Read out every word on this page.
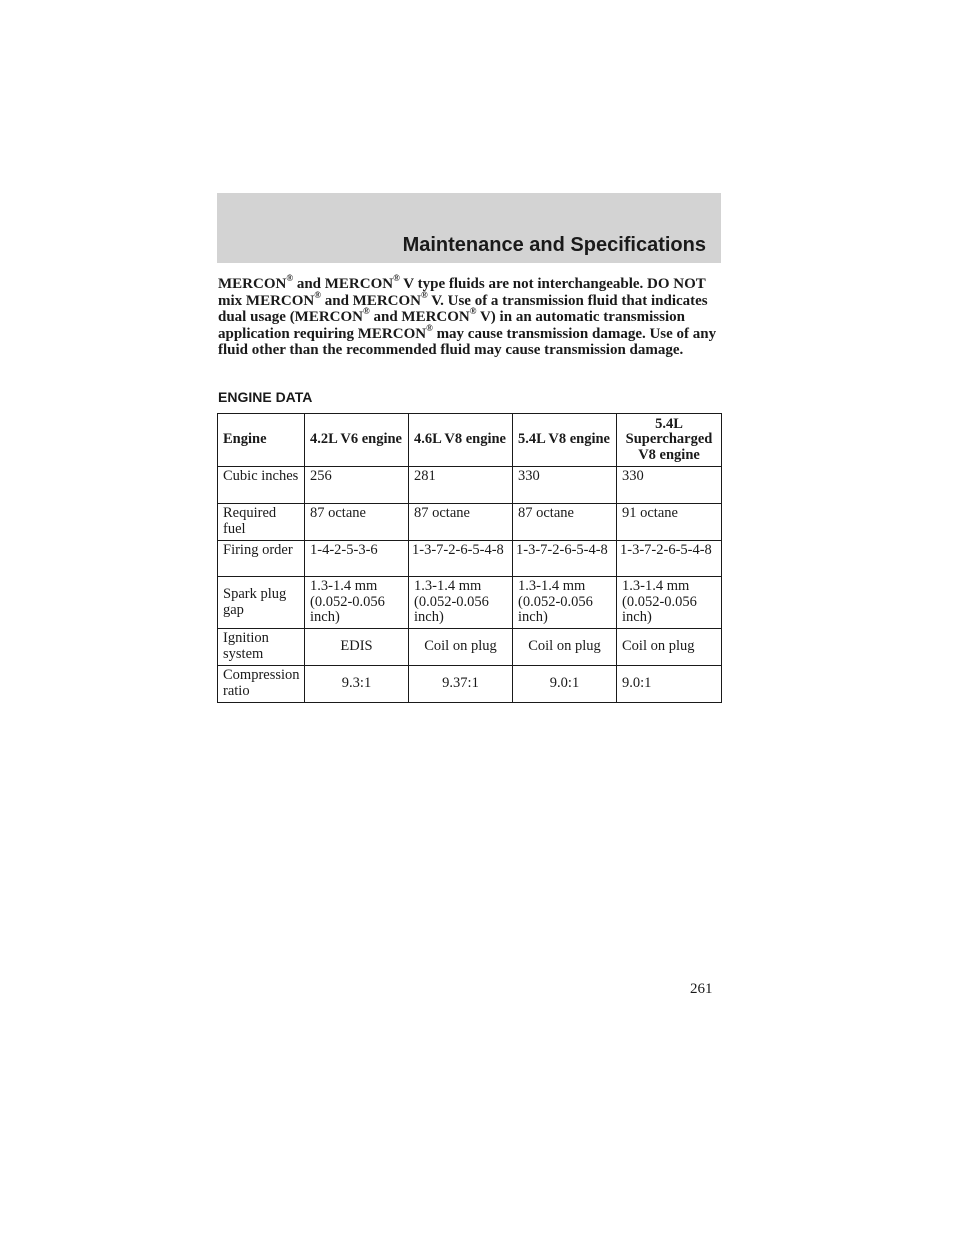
Maintenance and Specifications

MERCON® and MERCON® V type fluids are not interchangeable. DO NOT mix MERCON® and MERCON® V. Use of a transmission fluid that indicates dual usage (MERCON® and MERCON® V) in an automatic transmission application requiring MERCON® may cause transmission damage. Use of any fluid other than the recommended fluid may cause transmission damage.

ENGINE DATA
Engine	4.2L V6 engine	4.6L V8 engine	5.4L V8 engine	5.4L Supercharged V8 engine
Cubic inches	256	281	330	330
Required fuel	87 octane	87 octane	87 octane	91 octane
Firing order	1-4-2-5-3-6	1-3-7-2-6-5-4-8	1-3-7-2-6-5-4-8	1-3-7-2-6-5-4-8
Spark plug gap	1.3-1.4 mm (0.052-0.056 inch)	1.3-1.4 mm (0.052-0.056 inch)	1.3-1.4 mm (0.052-0.056 inch)	1.3-1.4 mm (0.052-0.056 inch)
Ignition system	EDIS	Coil on plug	Coil on plug	Coil on plug
Compression ratio	9.3:1	9.37:1	9.0:1	9.0:1

261
